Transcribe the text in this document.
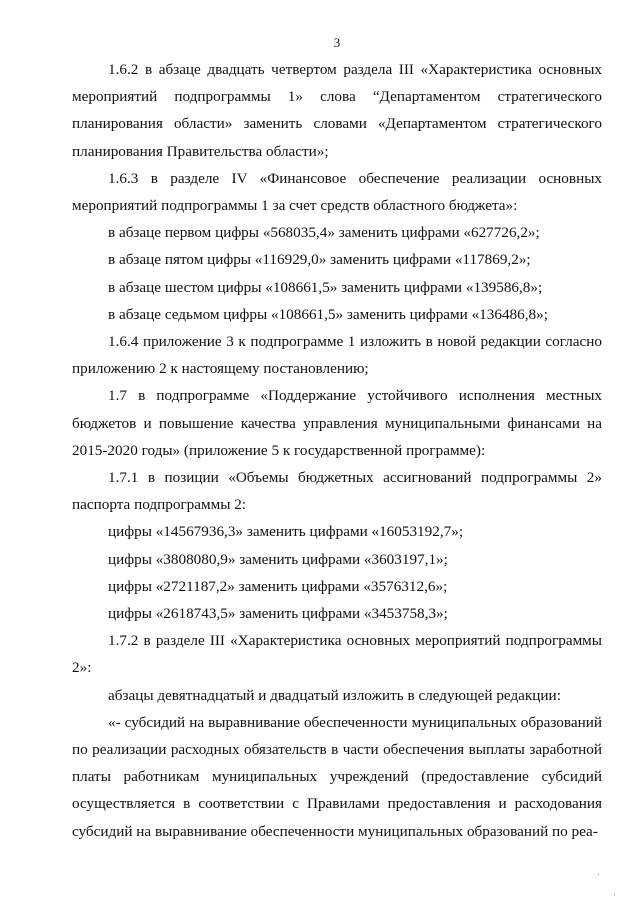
3

1.6.2 в абзаце двадцать четвертом раздела III «Характеристика основных мероприятий подпрограммы 1» слова “Департаментом стратегического планирования области» заменить словами «Департаментом стратегического планирования Правительства области»;

1.6.3 в разделе IV «Финансовое обеспечение реализации основных мероприятий подпрограммы 1 за счет средств областного бюджета»:

в абзаце первом цифры «568035,4» заменить цифрами «627726,2»;

в абзаце пятом цифры «116929,0» заменить цифрами «117869,2»;

в абзаце шестом цифры «108661,5» заменить цифрами «139586,8»;

в абзаце седьмом цифры «108661,5» заменить цифрами «136486,8»;

1.6.4 приложение 3 к подпрограмме 1 изложить в новой редакции согласно приложению 2 к настоящему постановлению;

1.7 в подпрограмме «Поддержание устойчивого исполнения местных бюджетов и повышение качества управления муниципальными финансами на 2015-2020 годы» (приложение 5 к государственной программе):

1.7.1 в позиции «Объемы бюджетных ассигнований подпрограммы 2» паспорта подпрограммы 2:

цифры «14567936,3» заменить цифрами «16053192,7»;

цифры «3808080,9» заменить цифрами «3603197,1»;

цифры «2721187,2» заменить цифрами «3576312,6»;

цифры «2618743,5» заменить цифрами «3453758,3»;

1.7.2 в разделе III «Характеристика основных мероприятий подпрограммы 2»:

абзацы девятнадцатый и двадцатый изложить в следующей редакции:

«- субсидий на выравнивание обеспеченности муниципальных образований по реализации расходных обязательств в части обеспечения выплаты заработной платы работникам муниципальных учреждений (предоставление субсидий осуществляется в соответствии с Правилами предоставления и расходования субсидий на выравнивание обеспеченности муниципальных образований по реа-
